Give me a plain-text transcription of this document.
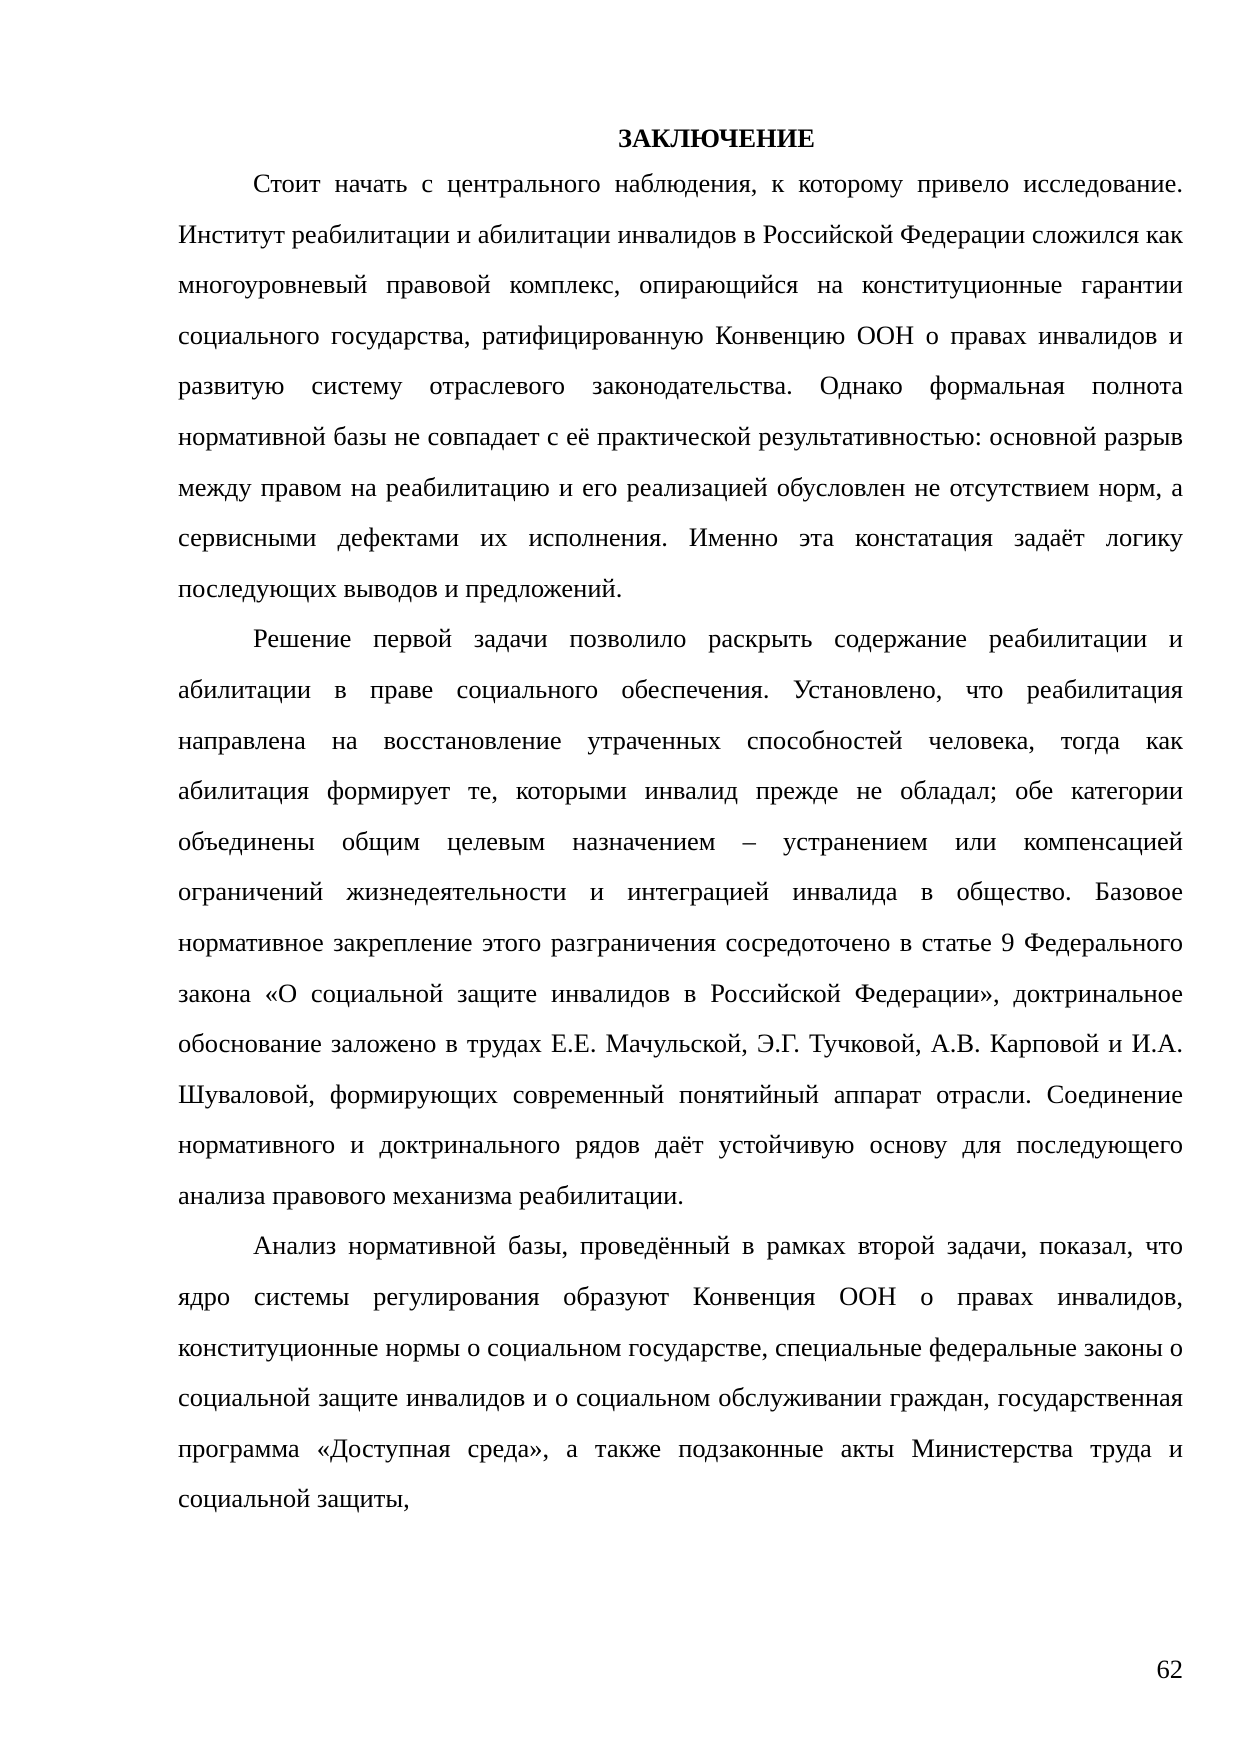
ЗАКЛЮЧЕНИЕ

Стоит начать с центрального наблюдения, к которому привело исследование. Институт реабилитации и абилитации инвалидов в Российской Федерации сложился как многоуровневый правовой комплекс, опирающийся на конституционные гарантии социального государства, ратифицированную Конвенцию ООН о правах инвалидов и развитую систему отраслевого законодательства. Однако формальная полнота нормативной базы не совпадает с её практической результативностью: основной разрыв между правом на реабилитацию и его реализацией обусловлен не отсутствием норм, а сервисными дефектами их исполнения. Именно эта констатация задаёт логику последующих выводов и предложений.

Решение первой задачи позволило раскрыть содержание реабилитации и абилитации в праве социального обеспечения. Установлено, что реабилитация направлена на восстановление утраченных способностей человека, тогда как абилитация формирует те, которыми инвалид прежде не обладал; обе категории объединены общим целевым назначением – устранением или компенсацией ограничений жизнедеятельности и интеграцией инвалида в общество. Базовое нормативное закрепление этого разграничения сосредоточено в статье 9 Федерального закона «О социальной защите инвалидов в Российской Федерации», доктринальное обоснование заложено в трудах Е.Е. Мачульской, Э.Г. Тучковой, А.В. Карповой и И.А. Шуваловой, формирующих современный понятийный аппарат отрасли. Соединение нормативного и доктринального рядов даёт устойчивую основу для последующего анализа правового механизма реабилитации.

Анализ нормативной базы, проведённый в рамках второй задачи, показал, что ядро системы регулирования образуют Конвенция ООН о правах инвалидов, конституционные нормы о социальном государстве, специальные федеральные законы о социальной защите инвалидов и о социальном обслуживании граждан, государственная программа «Доступная среда», а также подзаконные акты Министерства труда и социальной защиты,

62
